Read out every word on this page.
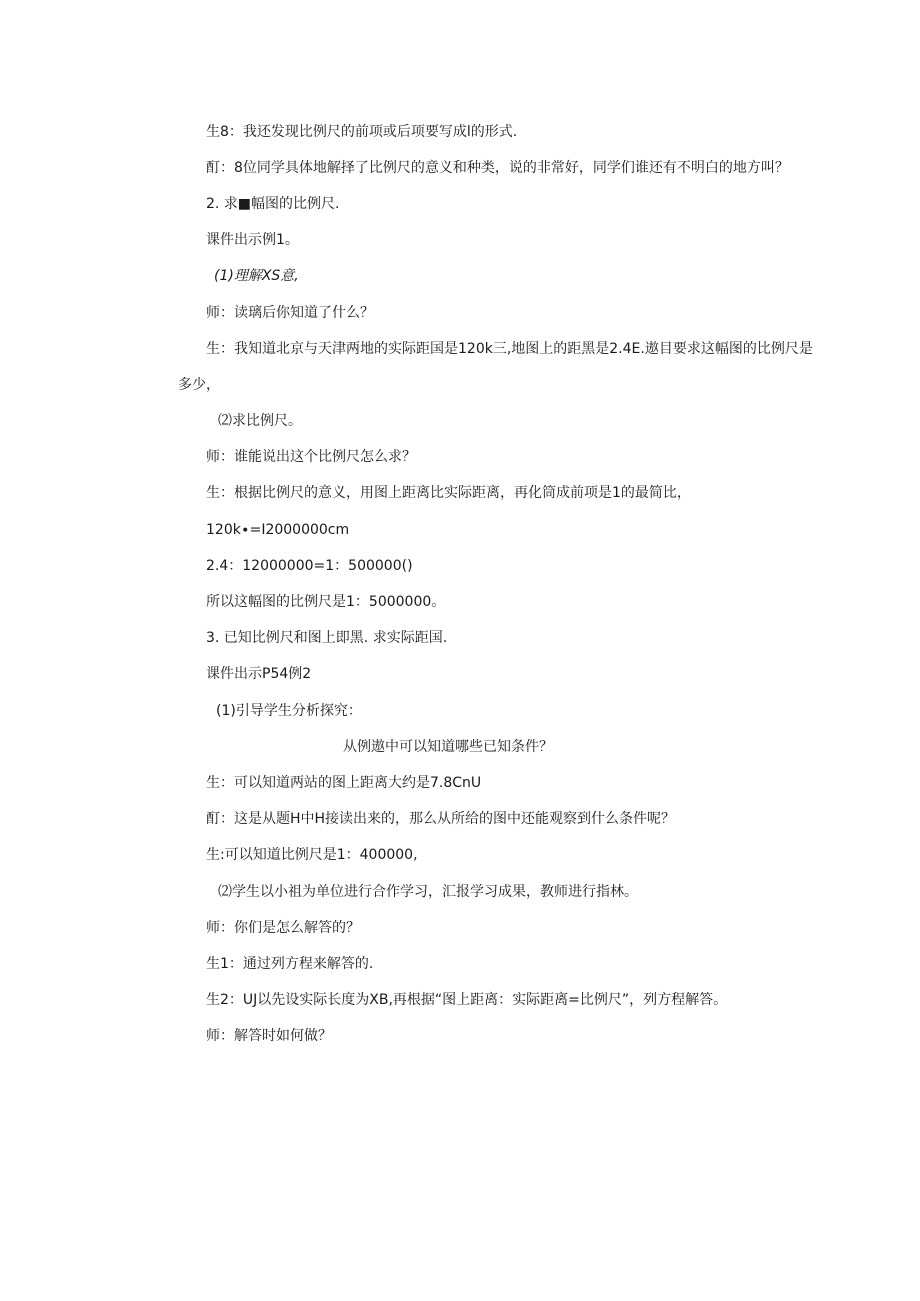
生8：我还发现比例尺的前项或后项要写成l的形式.
酊：8位同学具体地解择了比例尺的意义和种类，说的非常好，同学们谁还有不明白的地方叫？
2. 求■幅图的比例尺.
课件出示例1。
(1)理解XS意,
师：读璃后你知道了什么？
生：我知道北京与天津两地的实际距国是120k三,地图上的距黑是2.4E.遨目要求这幅图的比例尺是
多少，
⑵求比例尺。
师：谁能说出这个比例尺怎么求？
生：根据比例尺的意义，用图上距离比实际距离，再化筒成前项是1的最简比，
120k∙=I2000000cm
2.4：12000000=1：500000()
所以这幅图的比例尺是1：5000000。
3. 已知比例尺和图上即黑. 求实际距国.
课件出示P54例2
(1)引导学生分析探究：
从例遨中可以知道哪些已知条件？
生：可以知道两站的图上距离大约是7.8CnU
酊：这是从题H中H接读出来的，那么从所给的图中还能观察到什么条件呢？
生:可以知道比例尺是1：400000,
⑵学生以小祖为单位进行合作学习，汇报学习成果，教师进行指林。
师：你们是怎么解答的？
生1：通过列方程来解答的.
生2：UJ以先设实际长度为XB,再根据“图上距离：实际距离=比例尺”，列方程解答。
师：解答时如何做？
